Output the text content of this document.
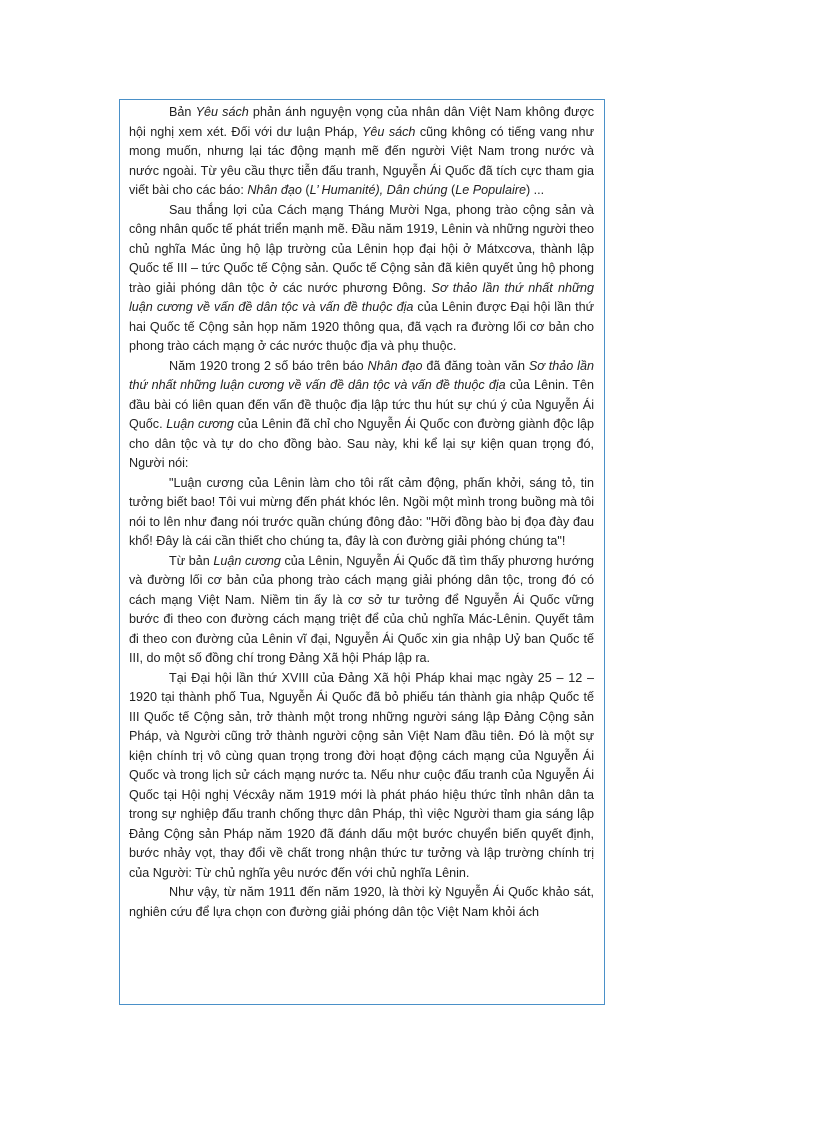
Bản Yêu sách phản ánh nguyện vọng của nhân dân Việt Nam không được hội nghị xem xét. Đối với dư luận Pháp, Yêu sách cũng không có tiếng vang như mong muốn, nhưng lại tác động mạnh mẽ đến người Việt Nam trong nước và nước ngoài. Từ yêu cầu thực tiễn đấu tranh, Nguyễn Ái Quốc đã tích cực tham gia viết bài cho các báo: Nhân đạo (L’ Humanité), Dân chúng (Le Populaire) ...

Sau thắng lợi của Cách mạng Tháng Mười Nga, phong trào cộng sản và công nhân quốc tế phát triển mạnh mẽ. Đầu năm 1919, Lênin và những người theo chủ nghĩa Mác ủng hộ lập trường của Lênin họp đại hội ở Mátxcơva, thành lập Quốc tế III – tức Quốc tế Cộng sản. Quốc tế Cộng sản đã kiên quyết ủng hộ phong trào giải phóng dân tộc ở các nước phương Đông. Sơ thảo lần thứ nhất những luận cương về vấn đề dân tộc và vấn đề thuộc địa của Lênin được Đại hội lần thứ hai Quốc tế Cộng sản họp năm 1920 thông qua, đã vạch ra đường lối cơ bản cho phong trào cách mạng ở các nước thuộc địa và phụ thuộc.

Năm 1920 trong 2 số báo trên báo Nhân đạo đã đăng toàn văn Sơ thảo lần thứ nhất những luận cương về vấn đề dân tộc và vấn đề thuộc địa của Lênin. Tên đầu bài có liên quan đến vấn đề thuộc địa lập tức thu hút sự chú ý của Nguyễn Ái Quốc. Luận cương của Lênin đã chỉ cho Nguyễn Ái Quốc con đường giành độc lập cho dân tộc và tự do cho đồng bào. Sau này, khi kể lại sự kiện quan trọng đó, Người nói:

"Luận cương của Lênin làm cho tôi rất cảm động, phấn khởi, sáng tỏ, tin tưởng biết bao! Tôi vui mừng đến phát khóc lên. Ngồi một mình trong buồng mà tôi nói to lên như đang nói trước quần chúng đông đảo: "Hỡi đồng bào bị đọa đày đau khổ! Đây là cái cần thiết cho chúng ta, đây là con đường giải phóng chúng ta"!

Từ bản Luận cương của Lênin, Nguyễn Ái Quốc đã tìm thấy phương hướng và đường lối cơ bản của phong trào cách mạng giải phóng dân tộc, trong đó có cách mạng Việt Nam. Niềm tin ấy là cơ sở tư tưởng để Nguyễn Ái Quốc vững bước đi theo con đường cách mạng triệt để của chủ nghĩa Mác-Lênin. Quyết tâm đi theo con đường của Lênin vĩ đại, Nguyễn Ái Quốc xin gia nhập Uỷ ban Quốc tế III, do một số đồng chí trong Đảng Xã hội Pháp lập ra.

Tại Đại hội lần thứ XVIII của Đảng Xã hội Pháp khai mạc ngày 25 – 12 – 1920 tại thành phố Tua, Nguyễn Ái Quốc đã bỏ phiếu tán thành gia nhập Quốc tế III Quốc tế Cộng sản, trở thành một trong những người sáng lập Đảng Cộng sản Pháp, và Người cũng trở thành người cộng sản Việt Nam đầu tiên. Đó là một sự kiện chính trị vô cùng quan trọng trong đời hoạt động cách mạng của Nguyễn Ái Quốc và trong lịch sử cách mạng nước ta. Nếu như cuộc đấu tranh của Nguyễn Ái Quốc tại Hội nghị Vécxây năm 1919 mới là phát pháo hiệu thức tỉnh nhân dân ta trong sự nghiệp đấu tranh chống thực dân Pháp, thì việc Người tham gia sáng lập Đảng Cộng sản Pháp năm 1920 đã đánh dấu một bước chuyển biến quyết định, bước nhảy vọt, thay đổi về chất trong nhận thức tư tưởng và lập trường chính trị của Người: Từ chủ nghĩa yêu nước đến với chủ nghĩa Lênin.

Như vậy, từ năm 1911 đến năm 1920, là thời kỳ Nguyễn Ái Quốc khảo sát, nghiên cứu để lựa chọn con đường giải phóng dân tộc Việt Nam khỏi ách
